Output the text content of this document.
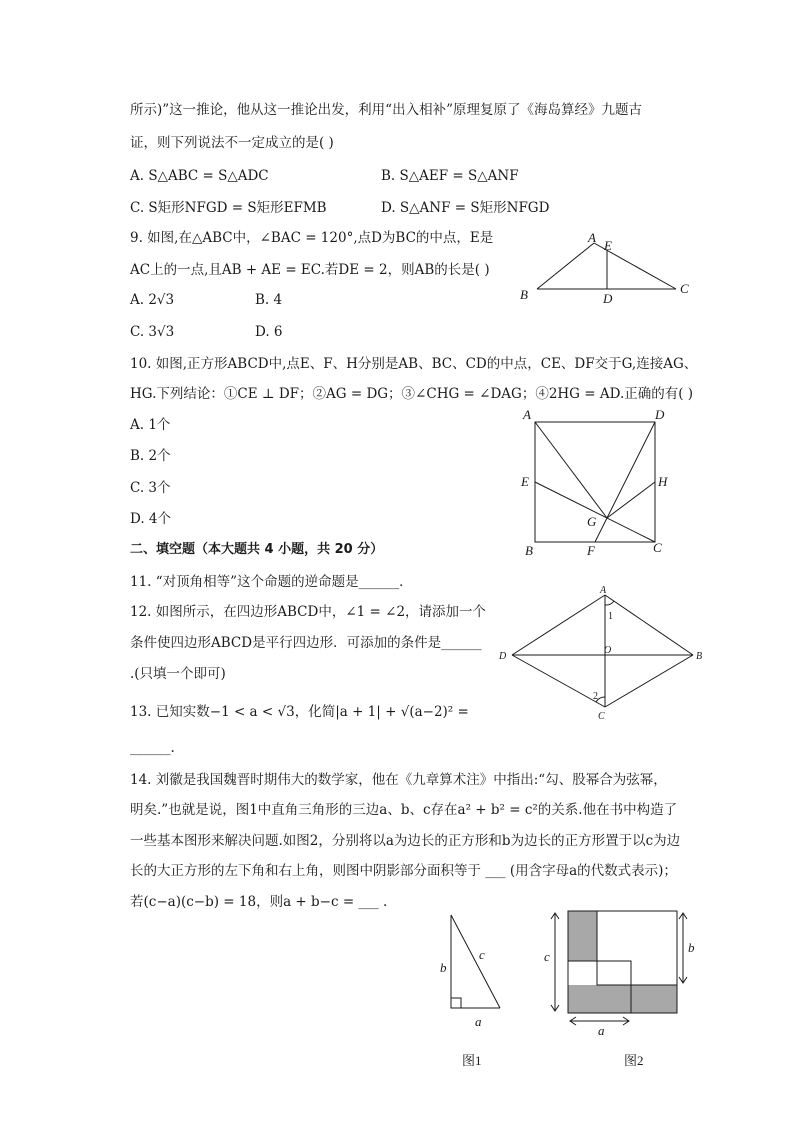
所示)”这一推论，他从这一推论出发，利用“出入相补”原理复原了《海岛算经》九题古
证，则下列说法不一定成立的是( )
A. S△ABC = S△ADC	B. S△AEF = S△ANF
C. S矩形NFGD = S矩形EFMB	D. S△ANF = S矩形NFGD
9. 如图,在△ABC中，∠BAC = 120°,点D为BC的中点，E是
AC上的一点,且AB + AE = EC.若DE = 2，则AB的长是( )
A. 2√3	B. 4
C. 3√3	D. 6
10. 如图,正方形ABCD中,点E、F、H分别是AB、BC、CD的中点，CE、DF交于G,连接AG、
HG.下列结论：①CE ⊥ DF；②AG = DG；③∠CHG = ∠DAG；④2HG = AD.正确的有( )
A. 1个
B. 2个
C. 3个
D. 4个
二、填空题（本大题共 4 小题，共 20 分）
11. “对顶角相等”这个命题的逆命题是______．
12. 如图所示，在四边形ABCD中，∠1 = ∠2，请添加一个
条件使四边形ABCD是平行四边形．可添加的条件是______
.(只填一个即可)
13. 已知实数−1 < a < √3，化简|a + 1| + √(a−2)² =
______.
14. 刘徽是我国魏晋时期伟大的数学家，他在《九章算术注》中指出:“勾、股幂合为弦幂，
明矣.”也就是说，图1中直角三角形的三边a、b、c存在a² + b² = c²的关系.他在书中构造了
一些基本图形来解决问题.如图2，分别将以a为边长的正方形和b为边长的正方形置于以c为边
长的大正方形的左下角和右上角，则图中阴影部分面积等于 ___ (用含字母a的代数式表示)；
若(c−a)(c−b) = 18，则a + b−c = ___ .
A
E
B	D
C
A	D
E	H
G
B	F	C
A
1
O
D	B
2
C
b
c
a
图1
c
b
a
图2
